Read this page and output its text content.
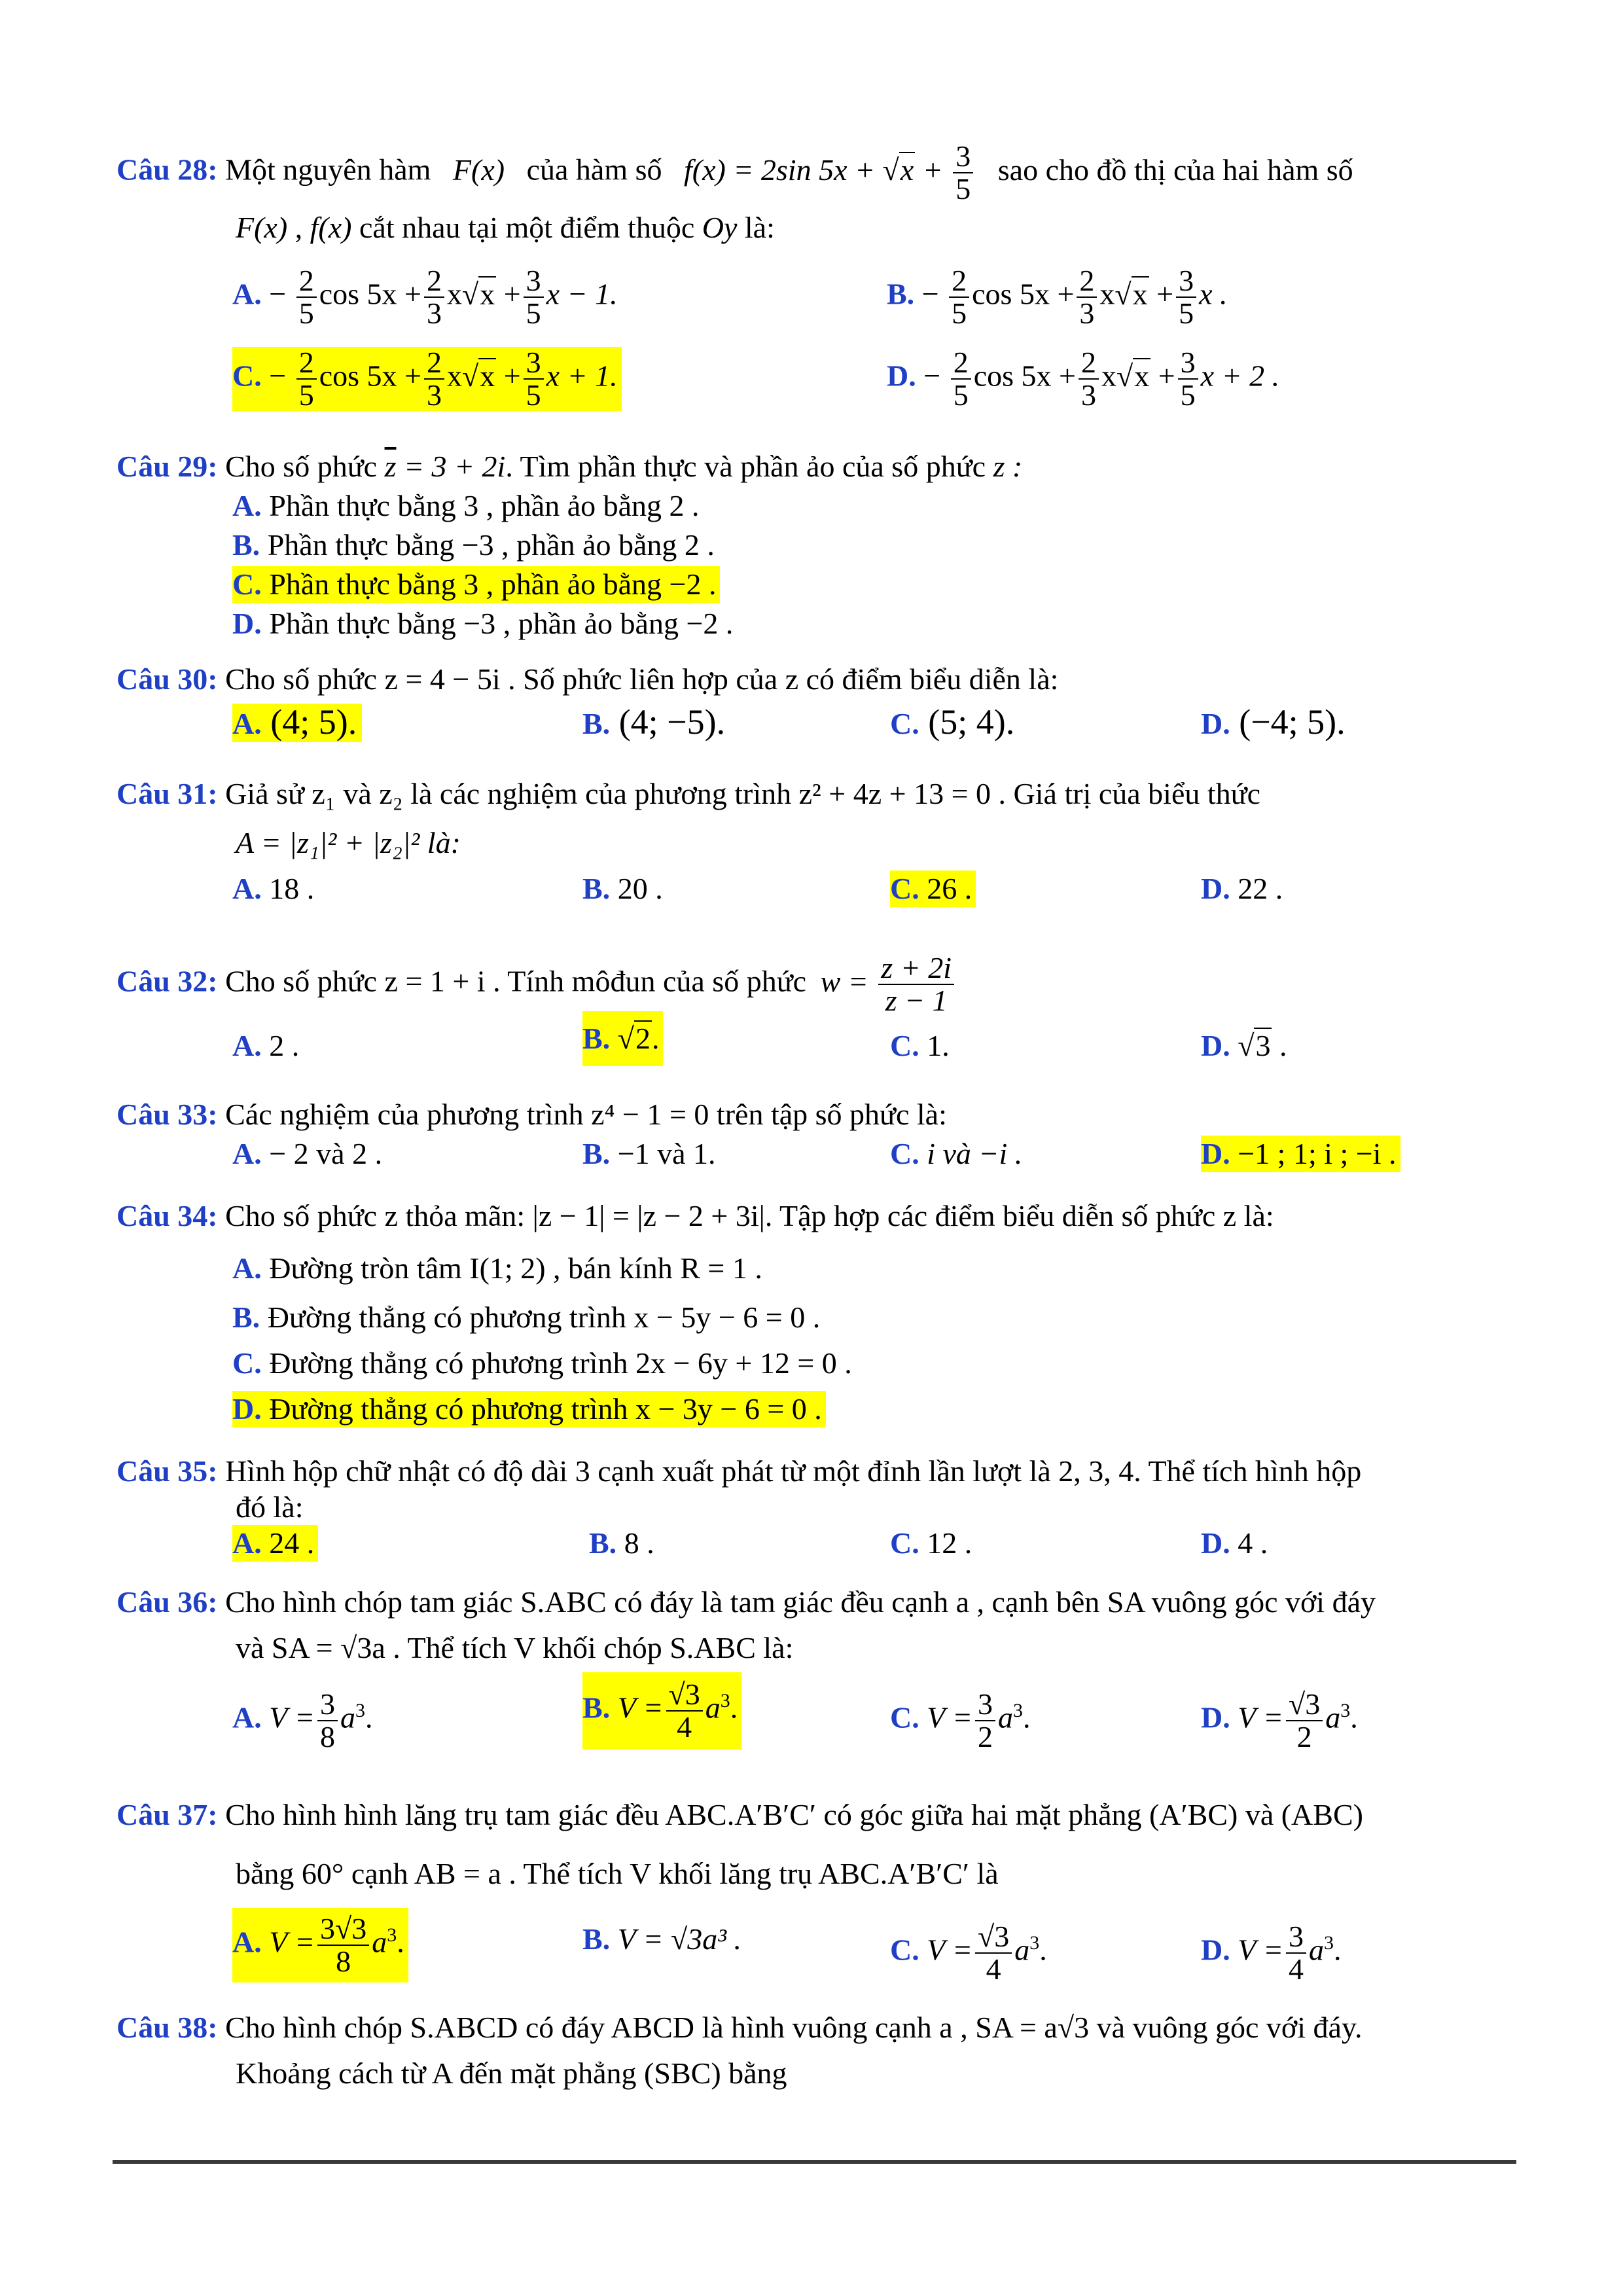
Câu 28: Một nguyên hàm F(x) của hàm số f(x) = 2sin $5x + √x + \frac{3}{5}$ sao cho đồ thị của hai hàm số
F(x) , f(x) cắt nhau tại một điểm thuộc Oy là:
A. − $\frac{2}{5}$ $\cos 5x + \frac{2}{3} x√x + \frac{3}{5}$ x − 1.	B. − $\frac{2}{5}$ $\cos 5x + \frac{2}{3} x√x + \frac{3}{5}$ x .
C. − $\frac{2}{5}$ $\cos 5x + \frac{2}{3} x√x + \frac{3}{5}$ x + 1.	D. − $\frac{2}{5}$ $\cos 5x + \frac{2}{3} x√x + \frac{3}{5}$ x + 2 .
Câu 29: Cho số phức $\overline{z} = 3 + 2i$. Tìm phần thực và phần ảo của số phức z :
A. Phần thực bằng 3 , phần ảo bằng 2 .
B. Phần thực bằng −3 , phần ảo bằng 2 .
C. Phần thực bằng 3 , phần ảo bằng −2 .
D. Phần thực bằng −3 , phần ảo bằng −2 .
Câu 30: Cho số phức z = 4 − 5i . Số phức liên hợp của z có điểm biểu diễn là:
A. (4; 5).	B. (4; −5).	C. (5; 4).	D. (−4; 5).
Câu 31: Giả sử z₁ và z₂ là các nghiệm của phương trình z² + 4z + 13 = 0 . Giá trị của biểu thức
A = |z₁|² + |z₂|² là:
A. 18 .	B. 20 .	C. 26 .	D. 22 .
Câu 32: Cho số phức z = 1 + i . Tính môđun của số phức $w = \frac{z + 2i}{z - 1}$
A. 2 .	B. √2.	C. 1.	D. √3 .
Câu 33: Các nghiệm của phương trình z⁴ − 1 = 0 trên tập số phức là:
A. − 2 và 2 .	B. −1 và 1.	C. i và −i .	D. −1 ; 1; i ; −i .
Câu 34: Cho số phức z thỏa mãn: |z − 1| = |z − 2 + 3i|. Tập hợp các điểm biểu diễn số phức z là:
A. Đường tròn tâm I(1; 2) , bán kính R = 1 .
B. Đường thẳng có phương trình x − 5y − 6 = 0 .
C. Đường thẳng có phương trình 2x − 6y + 12 = 0 .
D. Đường thẳng có phương trình x − 3y − 6 = 0 .
Câu 35: Hình hộp chữ nhật có độ dài 3 cạnh xuất phát từ một đỉnh lần lượt là 2, 3, 4. Thể tích hình hộp
đó là:
A. 24 .	B. 8 .	C. 12 .	D. 4 .
Câu 36: Cho hình chóp tam giác S.ABC có đáy là tam giác đều cạnh a , cạnh bên SA vuông góc với đáy
và SA = √3a . Thể tích V khối chóp S.ABC là:
A. $V = \frac{3}{8} a^3$.	B. $V = \frac{√3}{4} a^3$.	C. $V = \frac{3}{2} a^3$.	D. $V = \frac{√3}{2} a^3$.
Câu 37: Cho hình hình lăng trụ tam giác đều ABC.A′B′C′ có góc giữa hai mặt phẳng (A′BC) và (ABC)
bằng 60° cạnh AB = a . Thể tích V khối lăng trụ ABC.A′B′C′ là
A. $V = \frac{3√3}{8} a^3$.	B. V = √3a³ .	C. $V = \frac{√3}{4} a^3$.	D. $V = \frac{3}{4} a^3$.
Câu 38: Cho hình chóp S.ABCD có đáy ABCD là hình vuông cạnh a , SA = a√3 và vuông góc với đáy.
Khoảng cách từ A đến mặt phẳng (SBC) bằng
